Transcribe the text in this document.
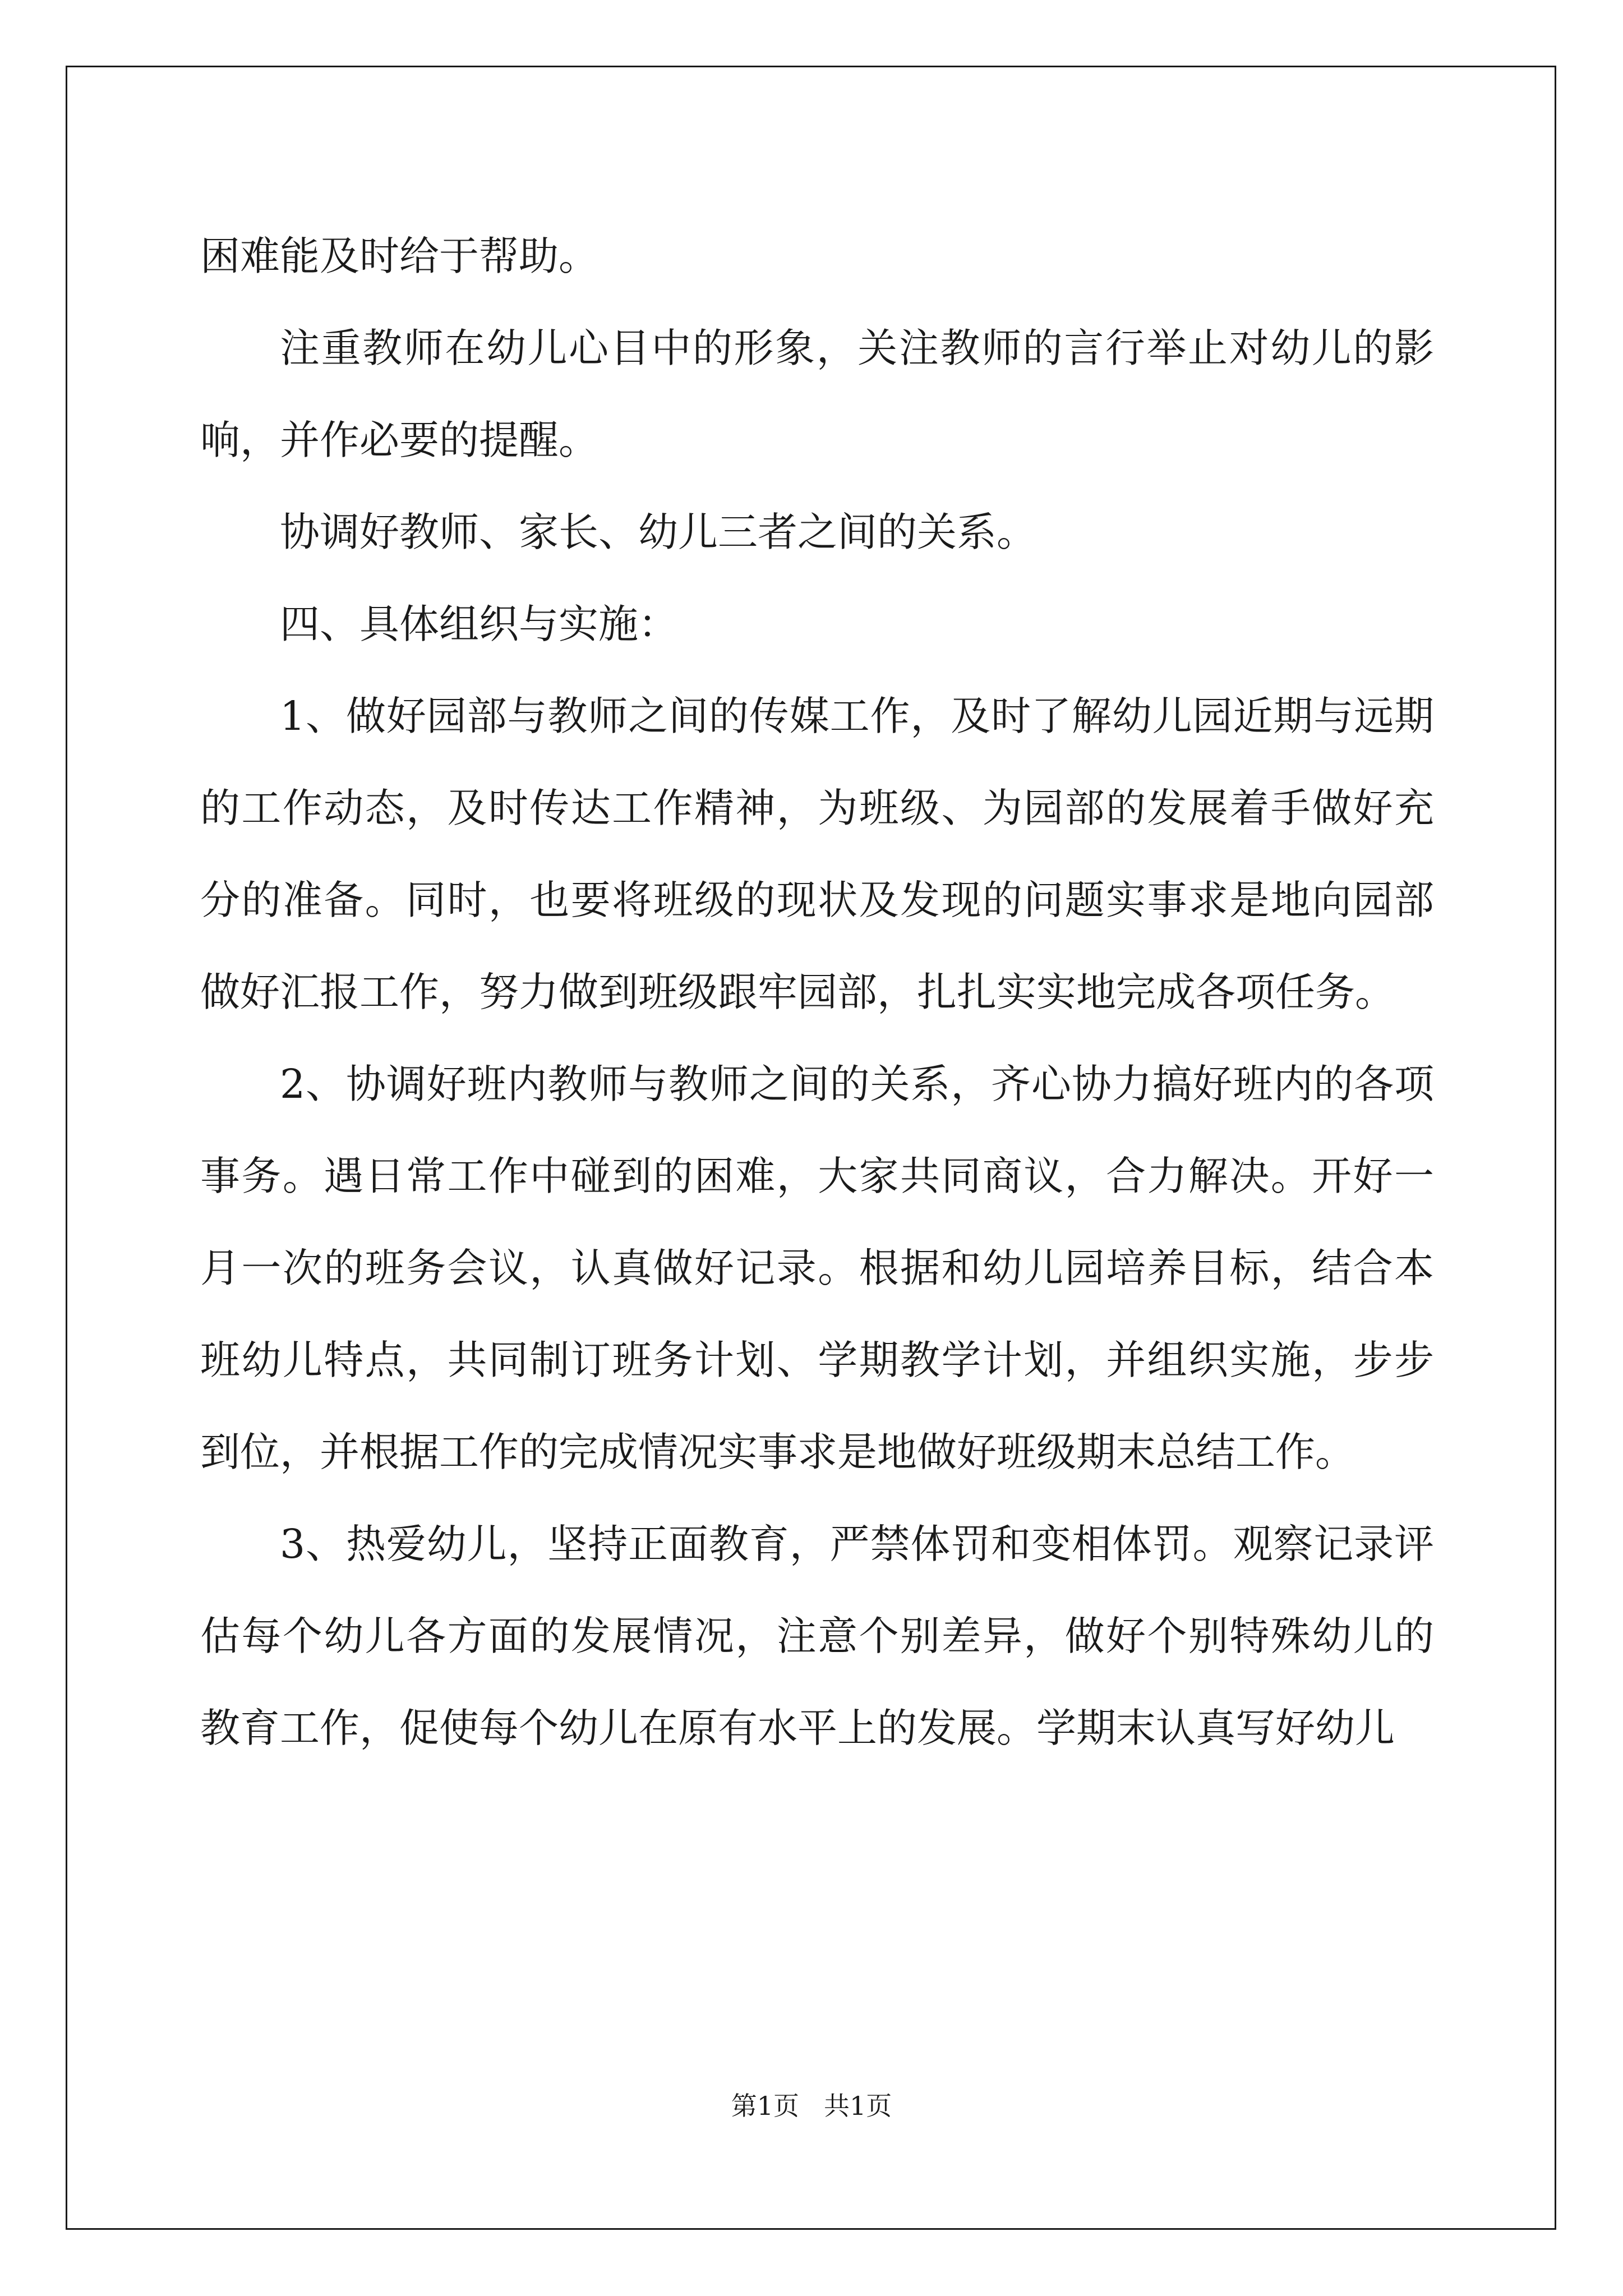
困难能及时给于帮助。

注重教师在幼儿心目中的形象，关注教师的言行举止对幼儿的影响，并作必要的提醒。

协调好教师、家长、幼儿三者之间的关系。

四、具体组织与实施：

1、做好园部与教师之间的传媒工作，及时了解幼儿园近期与远期的工作动态，及时传达工作精神，为班级、为园部的发展着手做好充分的准备。同时，也要将班级的现状及发现的问题实事求是地向园部做好汇报工作，努力做到班级跟牢园部，扎扎实实地完成各项任务。

2、协调好班内教师与教师之间的关系，齐心协力搞好班内的各项事务。遇日常工作中碰到的困难，大家共同商议，合力解决。开好一月一次的班务会议，认真做好记录。根据和幼儿园培养目标，结合本班幼儿特点，共同制订班务计划、学期教学计划，并组织实施，步步到位，并根据工作的完成情况实事求是地做好班级期末总结工作。

3、热爱幼儿，坚持正面教育，严禁体罚和变相体罚。观察记录评估每个幼儿各方面的发展情况，注意个别差异，做好个别特殊幼儿的教育工作，促使每个幼儿在原有水平上的发展。学期末认真写好幼儿

第1页 共1页
